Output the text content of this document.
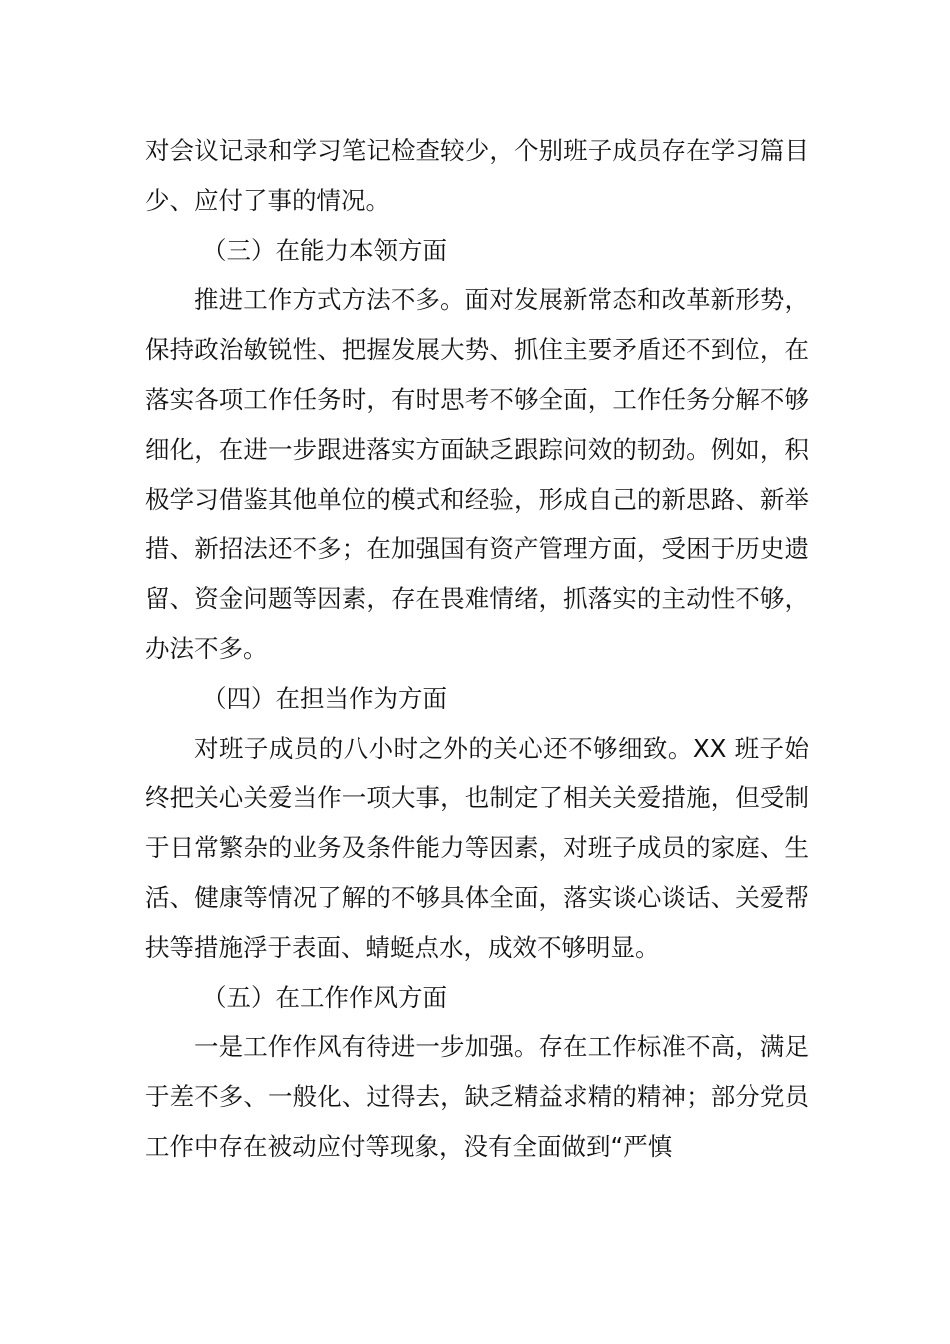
对会议记录和学习笔记检查较少，个别班子成员存在学习篇目少、应付了事的情况。

（三）在能力本领方面

推进工作方式方法不多。面对发展新常态和改革新形势，保持政治敏锐性、把握发展大势、抓住主要矛盾还不到位，在落实各项工作任务时，有时思考不够全面，工作任务分解不够细化，在进一步跟进落实方面缺乏跟踪问效的韧劲。例如，积极学习借鉴其他单位的模式和经验，形成自己的新思路、新举措、新招法还不多；在加强国有资产管理方面，受困于历史遗留、资金问题等因素，存在畏难情绪，抓落实的主动性不够，办法不多。

（四）在担当作为方面

对班子成员的八小时之外的关心还不够细致。XX 班子始终把关心关爱当作一项大事，也制定了相关关爱措施，但受制于日常繁杂的业务及条件能力等因素，对班子成员的家庭、生活、健康等情况了解的不够具体全面，落实谈心谈话、关爱帮扶等措施浮于表面、蜻蜓点水，成效不够明显。

（五）在工作作风方面

一是工作作风有待进一步加强。存在工作标准不高，满足于差不多、一般化、过得去，缺乏精益求精的精神；部分党员工作中存在被动应付等现象，没有全面做到“严慎
